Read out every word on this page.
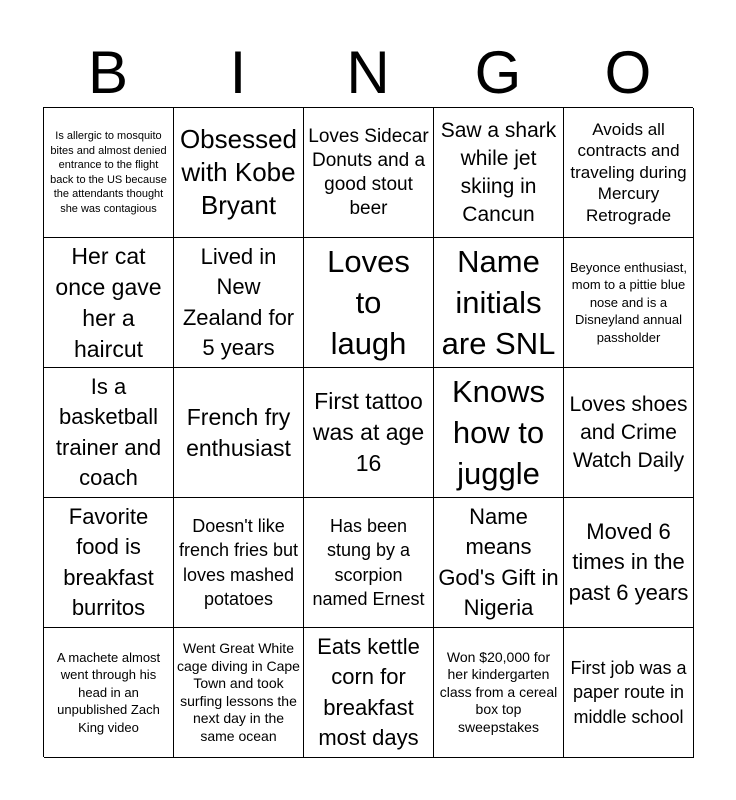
B	I	N	G	O
Is allergic to mosquito bites and almost denied entrance to the flight back to the US because the attendants thought she was contagious
Obsessed with Kobe Bryant
Loves Sidecar Donuts and a good stout beer
Saw a shark while jet skiing in Cancun
Avoids all contracts and traveling during Mercury Retrograde
Her cat once gave her a haircut
Lived in New Zealand for 5 years
Loves to laugh
Name initials are SNL
Beyonce enthusiast, mom to a pittie blue nose and is a Disneyland annual passholder
Is a basketball trainer and coach
French fry enthusiast
First tattoo was at age 16
Knows how to juggle
Loves shoes and Crime Watch Daily
Favorite food is breakfast burritos
Doesn't like french fries but loves mashed potatoes
Has been stung by a scorpion named Ernest
Name means God's Gift in Nigeria
Moved 6 times in the past 6 years
A machete almost went through his head in an unpublished Zach King video
Went Great White cage diving in Cape Town and took surfing lessons the next day in the same ocean
Eats kettle corn for breakfast most days
Won $20,000 for her kindergarten class from a cereal box top sweepstakes
First job was a paper route in middle school
